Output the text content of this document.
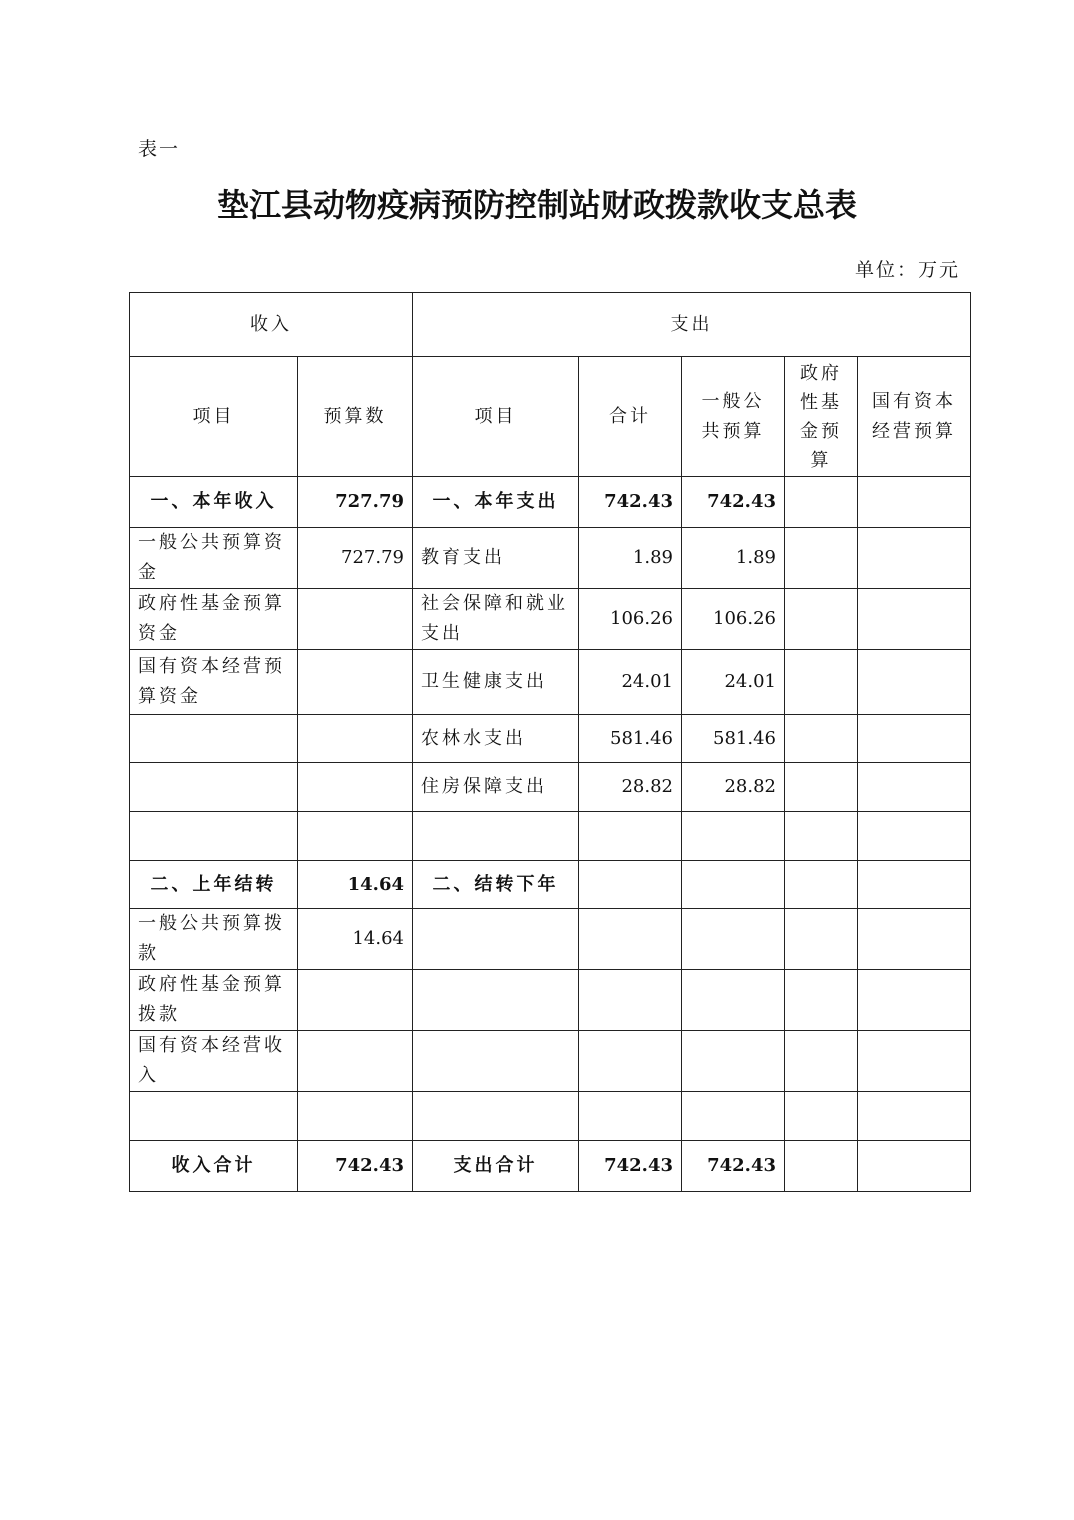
表一
垫江县动物疫病预防控制站财政拨款收支总表
单位：万元
收入		支出				
项目	预算数	项目	合计	一般公共预算	政府性基金预算	国有资本经营预算
一、本年收入	727.79	一、本年支出	742.43	742.43		
一般公共预算资金	727.79	教育支出	1.89	1.89		
政府性基金预算资金		社会保障和就业支出	106.26	106.26		
国有资本经营预算资金		卫生健康支出	24.01	24.01		
		农林水支出	581.46	581.46		
		住房保障支出	28.82	28.82		

二、上年结转	14.64	二、结转下年				
一般公共预算拨款	14.64					
政府性基金预算拨款						
国有资本经营收入						

收入合计	742.43	支出合计	742.43	742.43		
